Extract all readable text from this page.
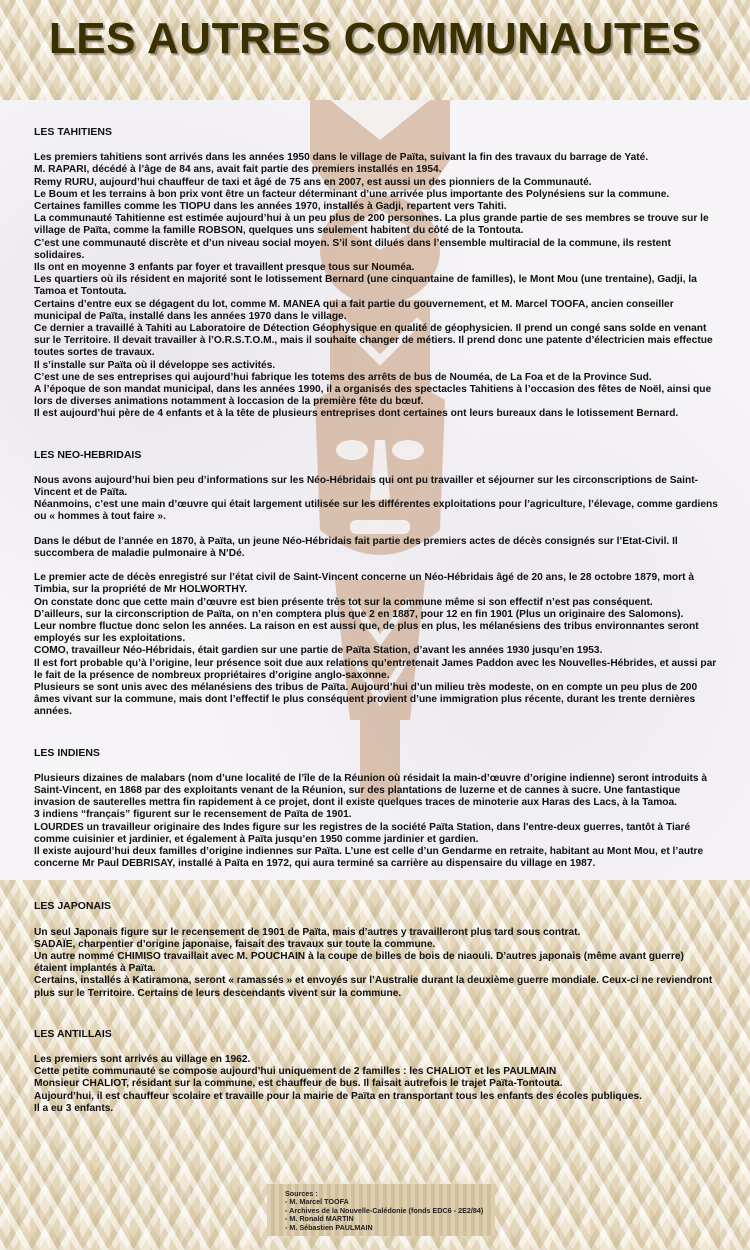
LES AUTRES COMMUNAUTES

LES TAHITIENS

Les premiers tahitiens sont arrivés dans les années 1950 dans le village de Païta, suivant la fin des travaux du barrage de Yaté.

M. RAPARI, décédé à l’âge de 84 ans, avait fait partie des premiers installés en 1954.

Remy RURU, aujourd’hui chauffeur de taxi et âgé de 75 ans en 2007, est aussi un des pionniers de la Communauté.

Le Boum et les terrains à bon prix vont être un facteur déterminant d’une arrivée plus importante des Polynésiens sur la commune.

Certaines familles comme les TIOPU dans les années 1970, installés à Gadji, repartent vers Tahiti.

La communauté Tahitienne est estimée aujourd’hui à un peu plus de 200 personnes. La plus grande partie de ses membres se trouve sur le village de Païta, comme la famille ROBSON, quelques uns seulement habitent du côté de la Tontouta.

C’est une communauté discrète et d’un niveau social moyen. S’il sont dilués dans l’ensemble multiracial de la commune, ils restent solidaires.

Ils ont en moyenne 3 enfants par foyer et travaillent presque tous sur Nouméa.

Les quartiers où ils résident en majorité sont le lotissement Bernard (une cinquantaine de familles), le Mont Mou (une trentaine), Gadji, la Tamoa et Tontouta.

Certains d’entre eux se dégagent du lot, comme M. MANEA qui a fait partie du gouvernement, et M. Marcel TOOFA, ancien conseiller municipal de Païta, installé dans les années 1970 dans le village.

Ce dernier a travaillé à Tahiti au Laboratoire de Détection Géophysique en qualité de géophysicien. Il prend un congé sans solde en venant sur le Territoire. Il devait travailler à l’O.R.S.T.O.M., mais il souhaite changer de métiers. Il prend donc une patente d’électricien mais effectue toutes sortes de travaux.

Il s’installe sur Païta où il développe ses activités.

C’est une de ses entreprises qui aujourd’hui fabrique les totems des arrêts de bus de Nouméa, de La Foa et de la Province Sud.

A l’époque de son mandat municipal, dans les années 1990, il a organisés des spectacles Tahitiens à l’occasion des fêtes de Noël, ainsi que lors de diverses animations notamment à loccasion de la première fête du bœuf.

Il est aujourd’hui père de 4 enfants et à la tête de plusieurs entreprises dont certaines ont leurs bureaux dans le lotissement Bernard.

LES NEO-HEBRIDAIS

Nous avons aujourd’hui bien peu d’informations sur les Néo-Hébridais qui ont pu travailler et séjourner sur les circonscriptions de Saint-Vincent et de Païta.

Néanmoins, c’est une main d’œuvre qui était largement utilisée sur les différentes exploitations pour l’agriculture, l’élevage, comme gardiens ou « hommes à tout faire ».

Dans le début de l’année en 1870, à Païta, un jeune Néo-Hébridais fait partie des premiers actes de décès consignés sur l’Etat-Civil. Il succombera de maladie pulmonaire à N’Dé.

Le premier acte de décès enregistré sur l’état civil de Saint-Vincent concerne un Néo-Hébridais âgé de 20 ans, le 28 octobre 1879, mort à Timbia, sur la propriété de Mr HOLWORTHY.

On constate donc que cette main d’œuvre est bien présente très tot sur la commune même si son effectif n’est pas conséquent.

D’ailleurs, sur la circonscription de Païta, on n’en comptera plus que 2 en 1887, pour 12 en fin 1901 (Plus un originaire des Salomons).

Leur nombre fluctue donc selon les années. La raison en est aussi que, de plus en plus, les mélanésiens des tribus environnantes seront employés sur les exploitations.

COMO, travailleur Néo-Hébridais, était gardien sur une partie de Païta Station, d’avant les années 1930 jusqu’en 1953.

Il est fort probable qu’à l’origine, leur présence soit due aux relations qu’entretenait James Paddon avec les Nouvelles-Hébrides, et aussi par le fait de la présence de nombreux propriétaires d’origine anglo-saxonne.

Plusieurs se sont unis avec des mélanésiens des tribus de Païta. Aujourd’hui d’un milieu très modeste, on en compte un peu plus de 200 âmes vivant sur la commune, mais dont l’effectif le plus conséquent provient d’une immigration plus récente, durant les trente dernières années.

LES INDIENS

Plusieurs dizaines de malabars (nom d’une localité de l’île de la Réunion où résidait la main-d’œuvre d’origine indienne) seront introduits à Saint-Vincent, en 1868 par des exploitants venant de la Réunion, sur des plantations de luzerne et de cannes à sucre. Une fantastique invasion de sauterelles mettra fin rapidement à ce projet, dont il existe quelques traces de minoterie aux Haras des Lacs, à la Tamoa.

3 indiens “français” figurent sur le recensement de Païta de 1901.

LOURDES un travailleur originaire des Indes figure sur les registres de la société Païta Station, dans l'entre-deux guerres, tantôt à Tiaré comme cuisinier et jardinier, et également à Païta jusqu’en 1950 comme jardinier et gardien.

Il existe aujourd’hui deux familles d’origine indiennes sur Païta. L’une est celle d’un Gendarme en retraite, habitant au Mont Mou, et l’autre concerne Mr Paul DEBRISAY, installé à Païta en 1972, qui aura terminé sa carrière au dispensaire du village en 1987.

LES JAPONAIS

Un seul Japonais figure sur le recensement de 1901 de Païta, mais d’autres y travailleront plus tard sous contrat.

SADAÏE, charpentier d’origine japonaise, faisait des travaux sur toute la commune.

Un autre nommé CHIMISO travaillait avec M. POUCHAIN à la coupe de billes de bois de niaouli. D’autres japonais (même avant guerre) étaient implantés à Païta.

Certains, installés à Katiramona, seront « ramassés » et envoyés sur l’Australie durant la deuxième guerre mondiale. Ceux-ci ne reviendront plus sur le Territoire. Certains de leurs descendants vivent sur la commune.

LES ANTILLAIS

Les premiers sont arrivés au village en 1962.

Cette petite communauté se compose aujourd’hui uniquement de 2 familles : les CHALIOT et les PAULMAIN

Monsieur CHALIOT, résidant sur la commune, est chauffeur de bus. Il faisait autrefois le trajet Païta-Tontouta.

Aujourd’hui, il est chauffeur scolaire et travaille pour la mairie de Païta en transportant tous les enfants des écoles publiques.

Il a eu 3 enfants.

Sources :
- M. Marcel TOOFA
- Archives de la Nouvelle-Calédonie (fonds EDC6 - 2E2/84)
- M. Ronald MARTIN
- M. Sébastien PAULMAIN
